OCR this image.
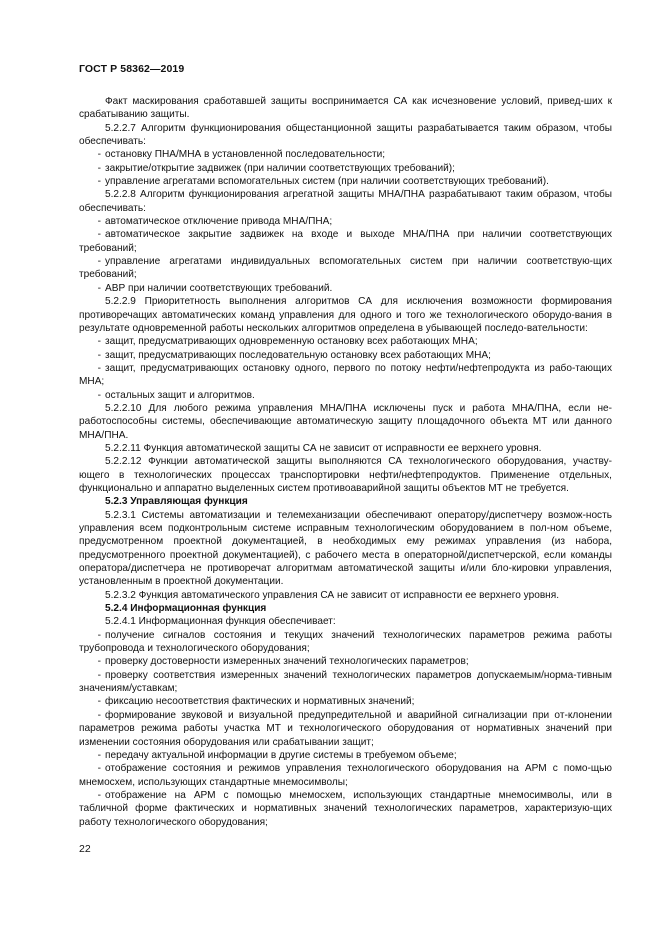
ГОСТ Р 58362—2019

Факт маскирования сработавшей защиты воспринимается СА как исчезновение условий, привед-ших к срабатыванию защиты.

5.2.2.7 Алгоритм функционирования общестанционной защиты разрабатывается таким образом, чтобы обеспечивать:

- остановку ПНА/МНА в установленной последовательности;

- закрытие/открытие задвижек (при наличии соответствующих требований);

- управление агрегатами вспомогательных систем (при наличии соответствующих требований).

5.2.2.8 Алгоритм функционирования агрегатной защиты МНА/ПНА разрабатывают таким образом, чтобы обеспечивать:

- автоматическое отключение привода МНА/ПНА;

- автоматическое закрытие задвижек на входе и выходе МНА/ПНА при наличии соответствующих требований;

- управление агрегатами индивидуальных вспомогательных систем при наличии соответствую-щих требований;

- АВР при наличии соответствующих требований.

5.2.2.9 Приоритетность выполнения алгоритмов СА для исключения возможности формирования противоречащих автоматических команд управления для одного и того же технологического оборудо-вания в результате одновременной работы нескольких алгоритмов определена в убывающей последо-вательности:

- защит, предусматривающих одновременную остановку всех работающих МНА;

- защит, предусматривающих последовательную остановку всех работающих МНА;

- защит, предусматривающих остановку одного, первого по потоку нефти/нефтепродукта из рабо-тающих МНА;

- остальных защит и алгоритмов.

5.2.2.10 Для любого режима управления МНА/ПНА исключены пуск и работа МНА/ПНА, если не-работоспособны системы, обеспечивающие автоматическую защиту площадочного объекта МТ или данного МНА/ПНА.

5.2.2.11 Функция автоматической защиты СА не зависит от исправности ее верхнего уровня.

5.2.2.12 Функции автоматической защиты выполняются СА технологического оборудования, участву-ющего в технологических процессах транспортировки нефти/нефтепродуктов. Применение отдельных, функционально и аппаратно выделенных систем противоаварийной защиты объектов МТ не требуется.

5.2.3 Управляющая функция

5.2.3.1 Системы автоматизации и телемеханизации обеспечивают оператору/диспетчеру возмож-ность управления всем подконтрольным системе исправным технологическим оборудованием в пол-ном объеме, предусмотренном проектной документацией, в необходимых ему режимах управления (из набора, предусмотренного проектной документацией), с рабочего места в операторной/диспетчерской, если команды оператора/диспетчера не противоречат алгоритмам автоматической защиты и/или бло-кировки управления, установленным в проектной документации.

5.2.3.2 Функция автоматического управления СА не зависит от исправности ее верхнего уровня.

5.2.4 Информационная функция

5.2.4.1 Информационная функция обеспечивает:

- получение сигналов состояния и текущих значений технологических параметров режима работы трубопровода и технологического оборудования;

- проверку достоверности измеренных значений технологических параметров;

- проверку соответствия измеренных значений технологических параметров допускаемым/норма-тивным значениям/уставкам;

- фиксацию несоответствия фактических и нормативных значений;

- формирование звуковой и визуальной предупредительной и аварийной сигнализации при от-клонении параметров режима работы участка МТ и технологического оборудования от нормативных значений при изменении состояния оборудования или срабатывании защит;

- передачу актуальной информации в другие системы в требуемом объеме;

- отображение состояния и режимов управления технологического оборудования на АРМ с помо-щью мнемосхем, использующих стандартные мнемосимволы;

- отображение на АРМ с помощью мнемосхем, использующих стандартные мнемосимволы, или в табличной форме фактических и нормативных значений технологических параметров, характеризую-щих работу технологического оборудования;

22
